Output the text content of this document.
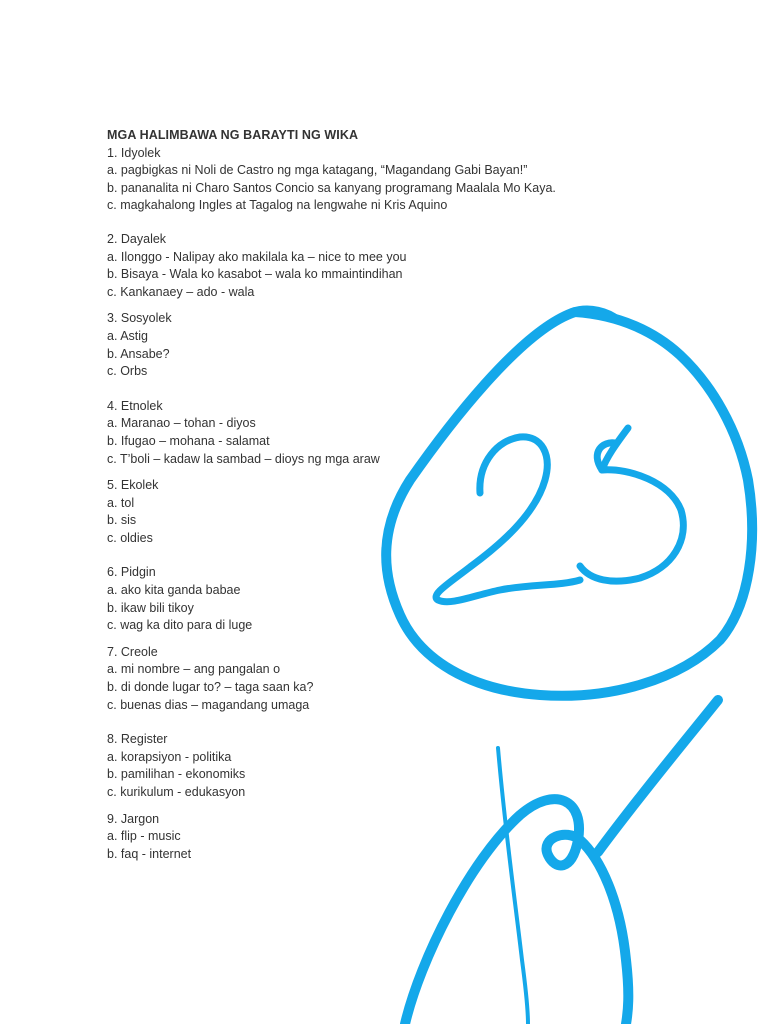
MGA HALIMBAWA NG BARAYTI NG WIKA
1. Idyolek
a. pagbigkas ni Noli de Castro ng mga katagang, “Magandang Gabi Bayan!”
b. pananalita ni Charo Santos Concio sa kanyang programang Maalala Mo Kaya.
c. magkahalong Ingles at Tagalog na lengwahe ni Kris Aquino
2. Dayalek
a. Ilonggo - Nalipay ako makilala ka – nice to mee you
b. Bisaya - Wala ko kasabot – wala ko mmaintindihan
c. Kankanaey – ado - wala
3. Sosyolek
a. Astig
b. Ansabe?
c. Orbs
4. Etnolek
a. Maranao – tohan - diyos
b. Ifugao – mohana - salamat
c. T’boli – kadaw la sambad – dioys ng mga araw
5. Ekolek
a. tol
b. sis
c. oldies
6. Pidgin
a. ako kita ganda babae
b. ikaw bili tikoy
c. wag ka dito para di luge
7. Creole
a. mi nombre – ang pangalan o
b. di donde lugar to? – taga saan ka?
c. buenas dias – magandang umaga
8. Register
a. korapsiyon - politika
b. pamilihan - ekonomiks
c. kurikulum - edukasyon
9. Jargon
a. flip - music
b. faq - internet
